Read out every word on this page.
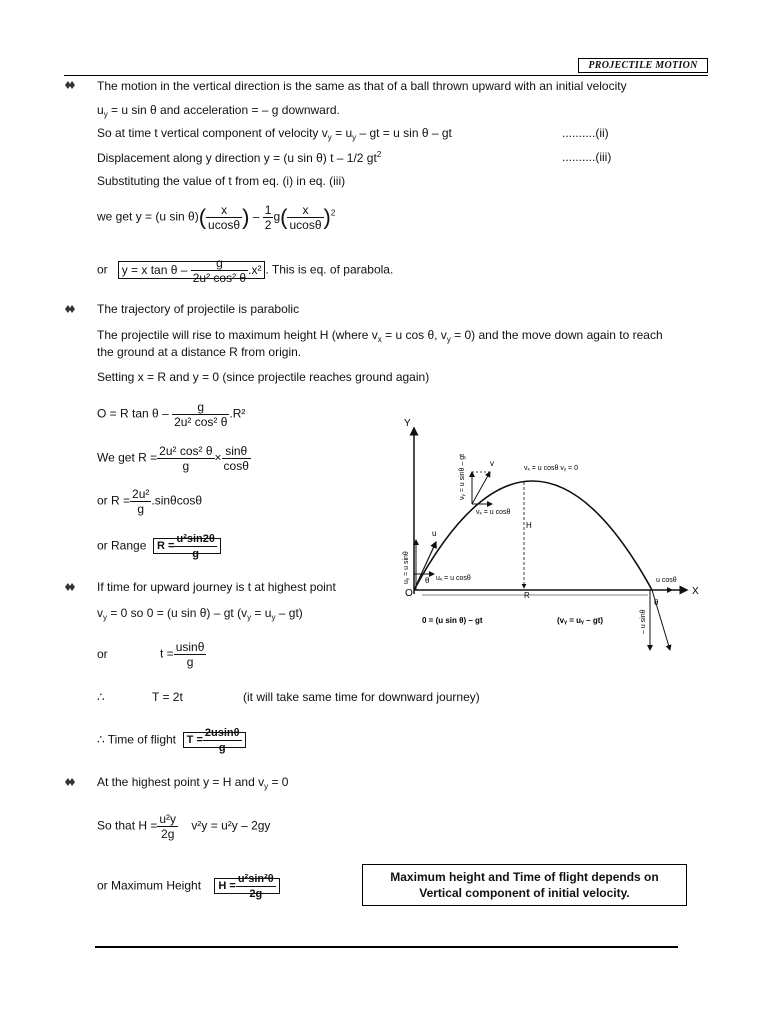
PROJECTILE MOTION
The motion in the vertical direction is the same as that of a ball thrown upward with an initial velocity
$u_y = u$ sin θ and acceleration = – g downward.
So at time t vertical component of velocity $v_y = u_y$ – gt = u sin θ – gt	..........(ii)
Displacement along y direction y = (u sin θ) t – 1/2 $gt^2$	..........(iii)
Substituting the value of t from eq. (i) in eq. (iii)
we get y = (u $\sin \theta)( \frac{x}{ucos\theta}$ ) – $\frac{1}{2} g( \frac{x}{ucos\theta} )^2$
or y = x tan θ – $\frac{g}{\text{2u² cos² θ}} .x^2$ . This is eq. of parabola.
The trajectory of projectile is parabolic
The projectile will rise to maximum height H (where $v_x = u$ cos θ, $v_y = 0$) and the move down again to reach
the ground at a distance R from origin.
Setting x = R and y = 0 (since projectile reaches ground again)
O = R tan θ – $\frac{g}{\text{2u² cos² θ}} .R^2$
We get $R = \frac{\text{2u² cos² θ}}{g} \times \frac{\sin\theta}{\cos\theta}$
or $R = \frac{\text{2u²}}{g} .\sin\theta\cos\theta$
or Range $R = \frac{\text{u²sin2θ}}{g}$
If time for upward journey is t at highest point
$v_y = 0$ so 0 = (u sin θ) – gt $(v_y = u_y - gt)$
or	$t = \frac{usin\theta}{g}$
∴	T = 2t	(it will take same time for downward journey)
∴ Time of flight $T = \frac{2usin\theta}{g}$
At the highest point y = H and $v_y = 0$
So that $H = \frac{\text{u²y}}{2g} v^2y = u^2y - 2gy$
or Maximum Height $H = \frac{\text{u²sin²θ}}{2g}$	Maximum height and Time of flight depends on
Vertical component of initial velocity.
Y
X
O
θ
uᵧ = u sinθ	uₓ = u cosθ
u
v
vᵧ = u sinθ – gt
vₓ = u cosθ
vₓ = u cosθ vᵧ = 0
H
R
u cosθ
– u sinθ
θ
0 = (u sin θ) – gt	(vᵧ = uᵧ – gt)
